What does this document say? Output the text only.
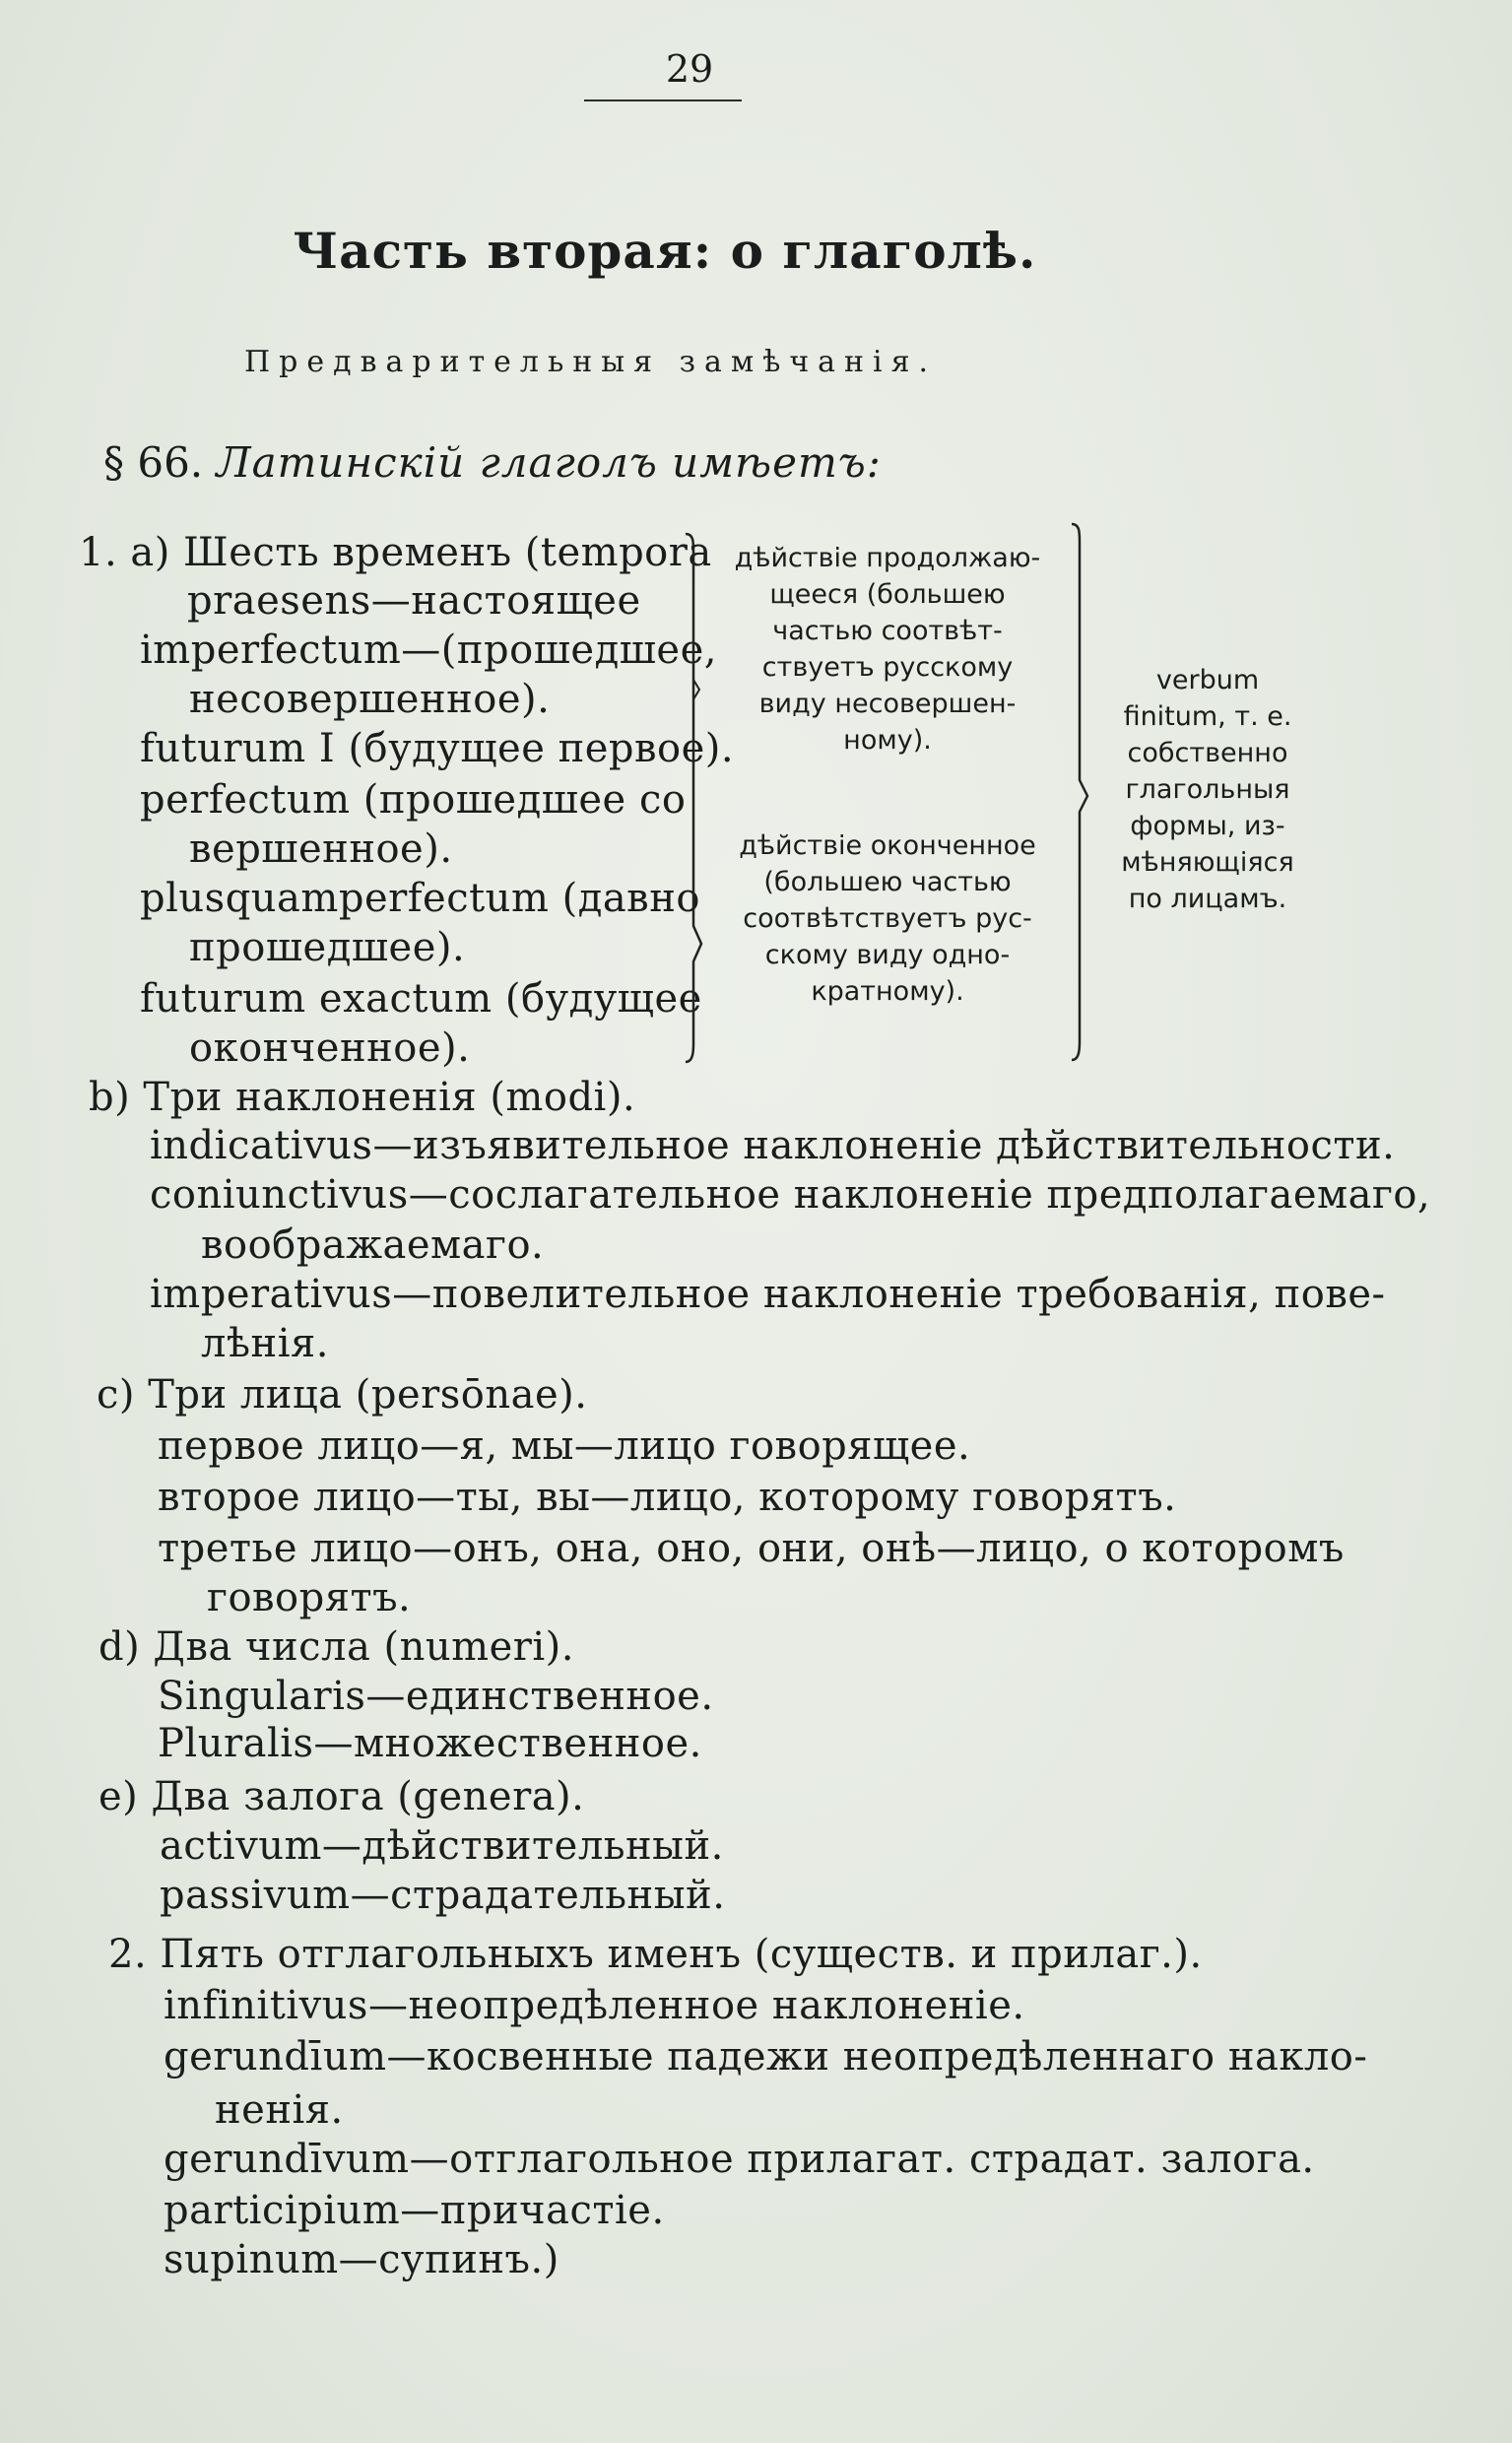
29
Часть вторая: о глаголѣ.
Предварительныя замѣчанія.
§ 66. Латинскій глаголъ имѣетъ:
1. а) Шесть временъ (tempora
praesens—настоящее
imperfectum—(прошедшее,
несовершенное).
futurum I (будущее первое).
perfectum (прошедшее со
вершенное).
plusquamperfectum (давно
прошедшее).
futurum exactum (будущее
оконченное).
дѣйствіе продолжаю-
щееся (большею
частью соотвѣт-
ствуетъ русскому
виду несовершен-
ному).
дѣйствіе оконченное
(большею частью
соотвѣтствуетъ рус-
скому виду одно-
кратному).
verbum
finitum, т. е.
собственно
глагольныя
формы, из-
мѣняющіяся
по лицамъ.
b) Три наклоненія (modi).
indicativus—изъявительное наклоненіе дѣйствительности.
coniunctivus—сослагательное наклоненіе предполагаемаго,
воображаемаго.
imperativus—повелительное наклоненіе требованія, пове-
лѣнія.
c) Три лица (persōnae).
первое лицо—я, мы—лицо говорящее.
второе лицо—ты, вы—лицо, которому говорятъ.
третье лицо—онъ, она, оно, они, онѣ—лицо, о которомъ
говорятъ.
d) Два числа (numeri).
Singularis—единственное.
Pluralis—множественное.
e) Два залога (genera).
activum—дѣйствительный.
passivum—страдательный.
2. Пять отглагольныхъ именъ (существ. и прилаг.).
infinitivus—неопредѣленное наклоненіе.
gerundīum—косвенные падежи неопредѣленнаго накло-
ненія.
gerundīvum—отглагольное прилагат. страдат. залога.
participium—причастіе.
supinum—супинъ.)
